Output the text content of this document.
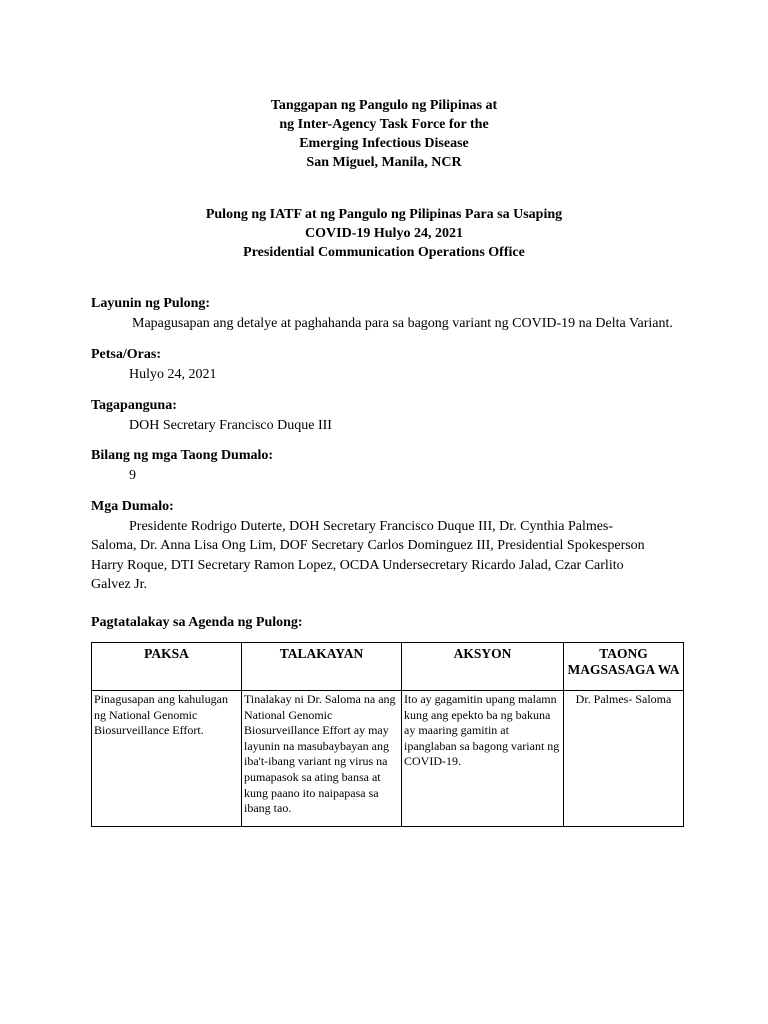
Tanggapan ng Pangulo ng Pilipinas at
ng Inter-Agency Task Force for the
Emerging Infectious Disease
San Miguel, Manila, NCR
Pulong ng IATF at ng Pangulo ng Pilipinas Para sa Usaping
COVID-19 Hulyo 24, 2021
Presidential Communication Operations Office
Layunin ng Pulong:
Mapagusapan ang detalye at paghahanda para sa bagong variant ng COVID-19 na Delta Variant.
Petsa/Oras:
Hulyo 24, 2021
Tagapanguna:
DOH Secretary Francisco Duque III
Bilang ng mga Taong Dumalo:
9
Mga Dumalo:
Presidente Rodrigo Duterte, DOH Secretary Francisco Duque III, Dr. Cynthia Palmes-Saloma, Dr. Anna Lisa Ong Lim, DOF Secretary Carlos Dominguez III, Presidential Spokesperson Harry Roque, DTI Secretary Ramon Lopez, OCDA Undersecretary Ricardo Jalad, Czar Carlito Galvez Jr.
Pagtatalakay sa Agenda ng Pulong:
PAKSA	TALAKAYAN	AKSYON	TAONG MAGSASAGA WA
Pinagusapan ang kahulugan ng National Genomic Biosurveillance Effort.	Tinalakay ni Dr. Saloma na ang National Genomic Biosurveillance Effort ay may layunin na masubaybayan ang iba't-ibang variant ng virus na pumapasok sa ating bansa at kung paano ito naipapasa sa ibang tao.	Ito ay gagamitin upang malamn kung ang epekto ba ng bakuna ay maaring gamitin at ipanglaban sa bagong variant ng COVID-19.	Dr. Palmes- Saloma
